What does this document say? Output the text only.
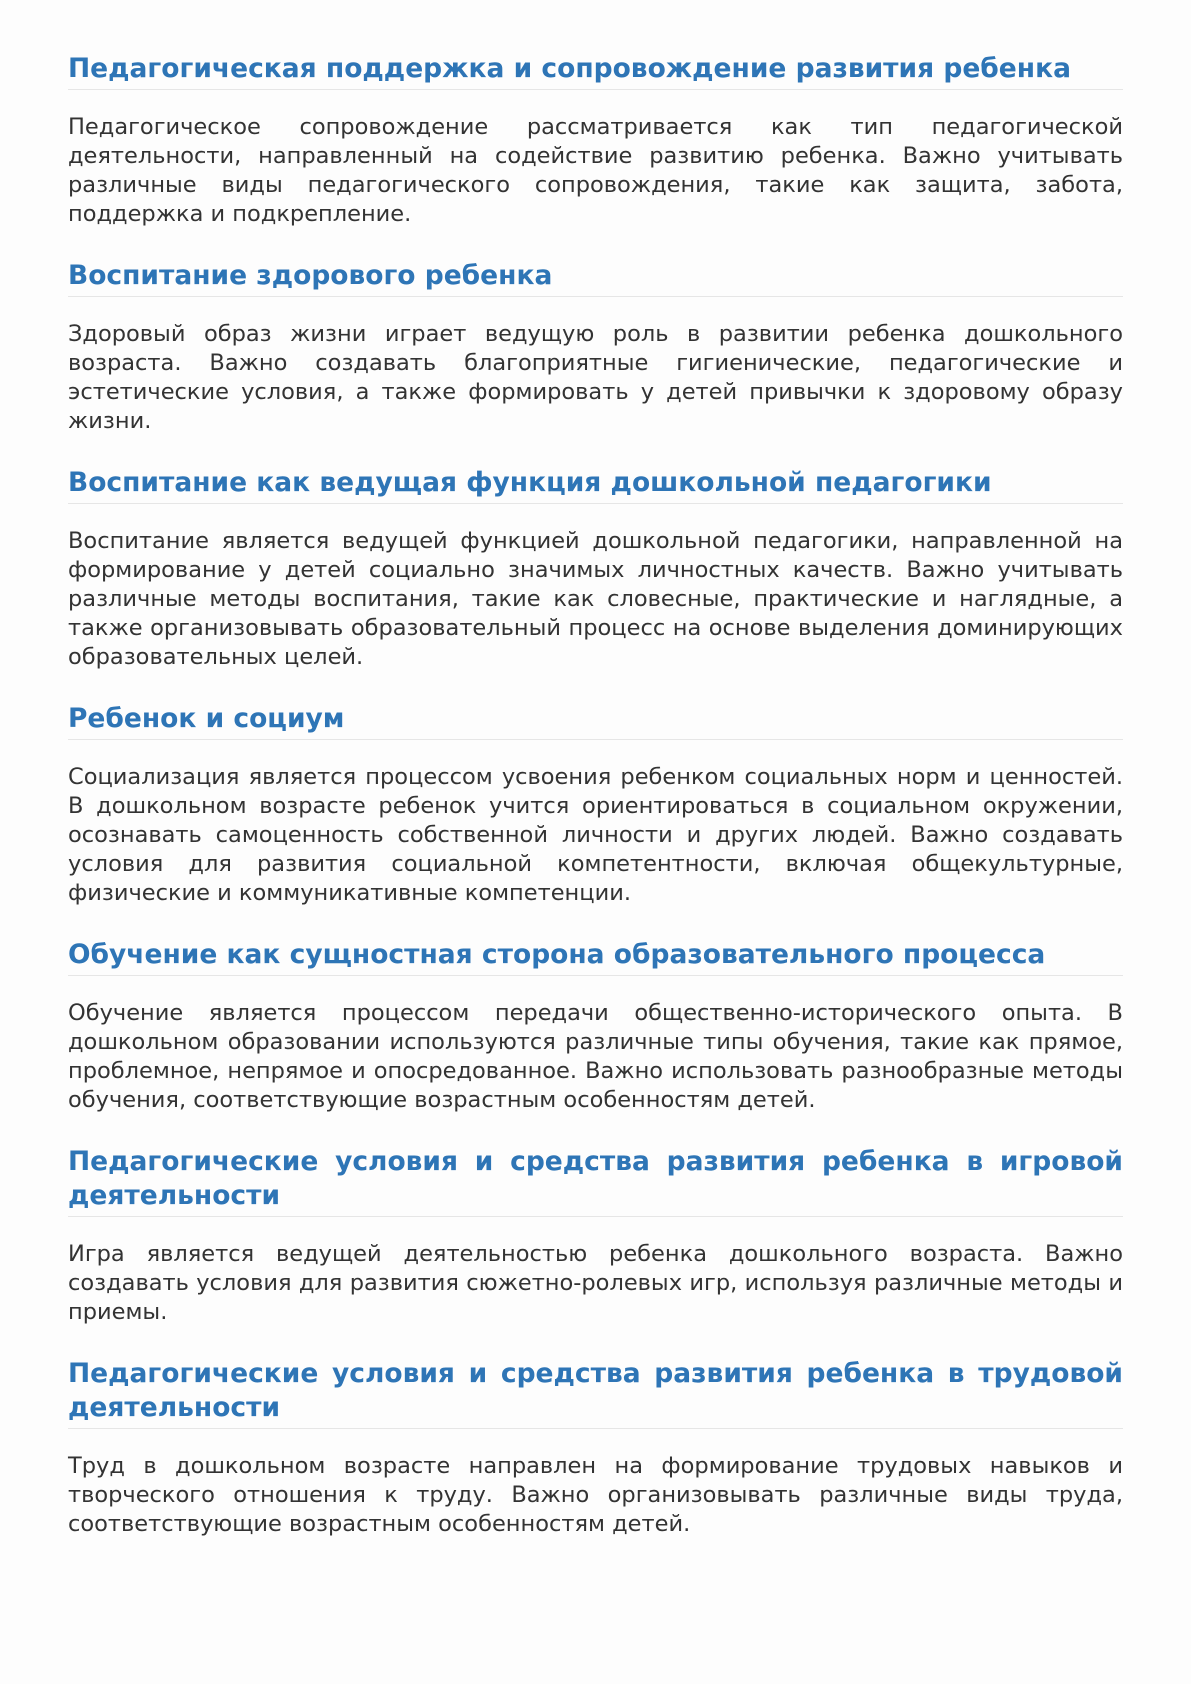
Педагогическая поддержка и сопровождение развития ребенка

Педагогическое сопровождение рассматривается как тип педагогической деятельности, направленный на содействие развитию ребенка. Важно учитывать различные виды педагогического сопровождения, такие как защита, забота, поддержка и подкрепление.

Воспитание здорового ребенка

Здоровый образ жизни играет ведущую роль в развитии ребенка дошкольного возраста. Важно создавать благоприятные гигиенические, педагогические и эстетические условия, а также формировать у детей привычки к здоровому образу жизни.

Воспитание как ведущая функция дошкольной педагогики

Воспитание является ведущей функцией дошкольной педагогики, направленной на формирование у детей социально значимых личностных качеств. Важно учитывать различные методы воспитания, такие как словесные, практические и наглядные, а также организовывать образовательный процесс на основе выделения доминирующих образовательных целей.

Ребенок и социум

Социализация является процессом усвоения ребенком социальных норм и ценностей. В дошкольном возрасте ребенок учится ориентироваться в социальном окружении, осознавать самоценность собственной личности и других людей. Важно создавать условия для развития социальной компетентности, включая общекультурные, физические и коммуникативные компетенции.

Обучение как сущностная сторона образовательного процесса

Обучение является процессом передачи общественно-исторического опыта. В дошкольном образовании используются различные типы обучения, такие как прямое, проблемное, непрямое и опосредованное. Важно использовать разнообразные методы обучения, соответствующие возрастным особенностям детей.

Педагогические условия и средства развития ребенка в игровой деятельности

Игра является ведущей деятельностью ребенка дошкольного возраста. Важно создавать условия для развития сюжетно-ролевых игр, используя различные методы и приемы.

Педагогические условия и средства развития ребенка в трудовой деятельности

Труд в дошкольном возрасте направлен на формирование трудовых навыков и творческого отношения к труду. Важно организовывать различные виды труда, соответствующие возрастным особенностям детей.
